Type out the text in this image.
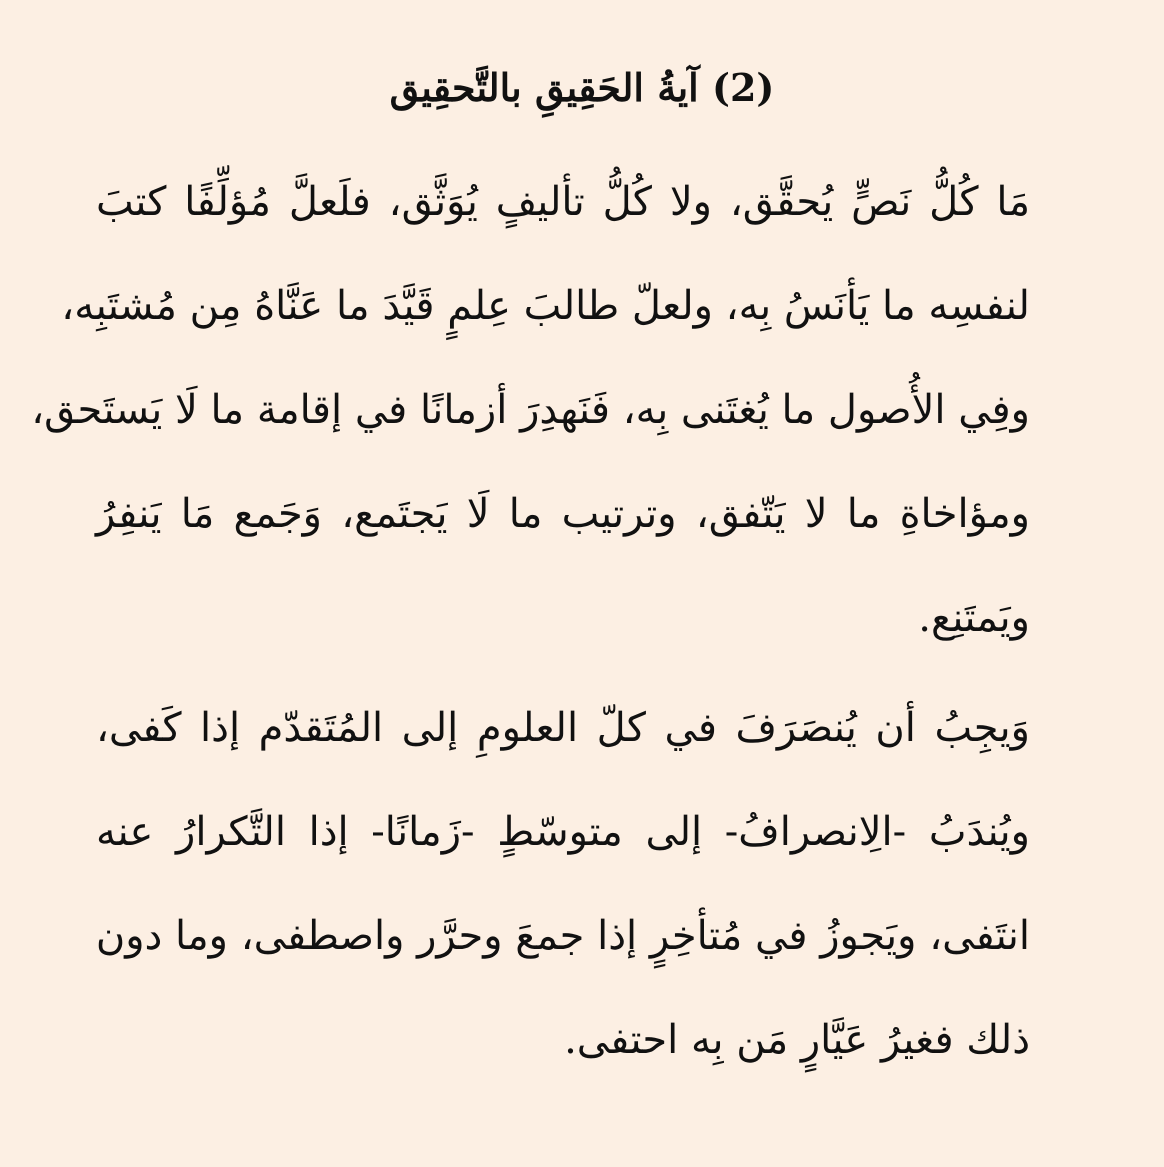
(2) آيةُ الحَقِيقِ بالتَّحقِيق
مَا كُلُّ نَصٍّ يُحقَّق، ولا كُلُّ تأليفٍ يُوَثَّق، فلَعلَّ مُؤلِّفًا كتبَ
لنفسِه ما يَأنَسُ بِه، ولعلّ طالبَ عِلمٍ قَيَّدَ ما عَنَّاهُ مِن مُشتَبِه،
وفِي الأُصول ما يُغتَنى بِه، فَنَهدِرَ أزمانًا في إقامة ما لَا يَستَحق،
ومؤاخاةِ ما لا يَتّفق، وترتيب ما لَا يَجتَمع، وَجَمع مَا يَنفِرُ
ويَمتَنِع.
وَيجِبُ أن يُنصَرَفَ في كلّ العلومِ إلى المُتَقدّم إذا كَفى،
ويُندَبُ -الِانصرافُ- إلى متوسّطٍ -زَمانًا- إذا التَّكرارُ عنه
انتَفى، ويَجوزُ في مُتأخِرٍ إذا جمعَ وحرَّر واصطفى، وما دون
ذلك فغيرُ عَيَّارٍ مَن بِه احتفى.
